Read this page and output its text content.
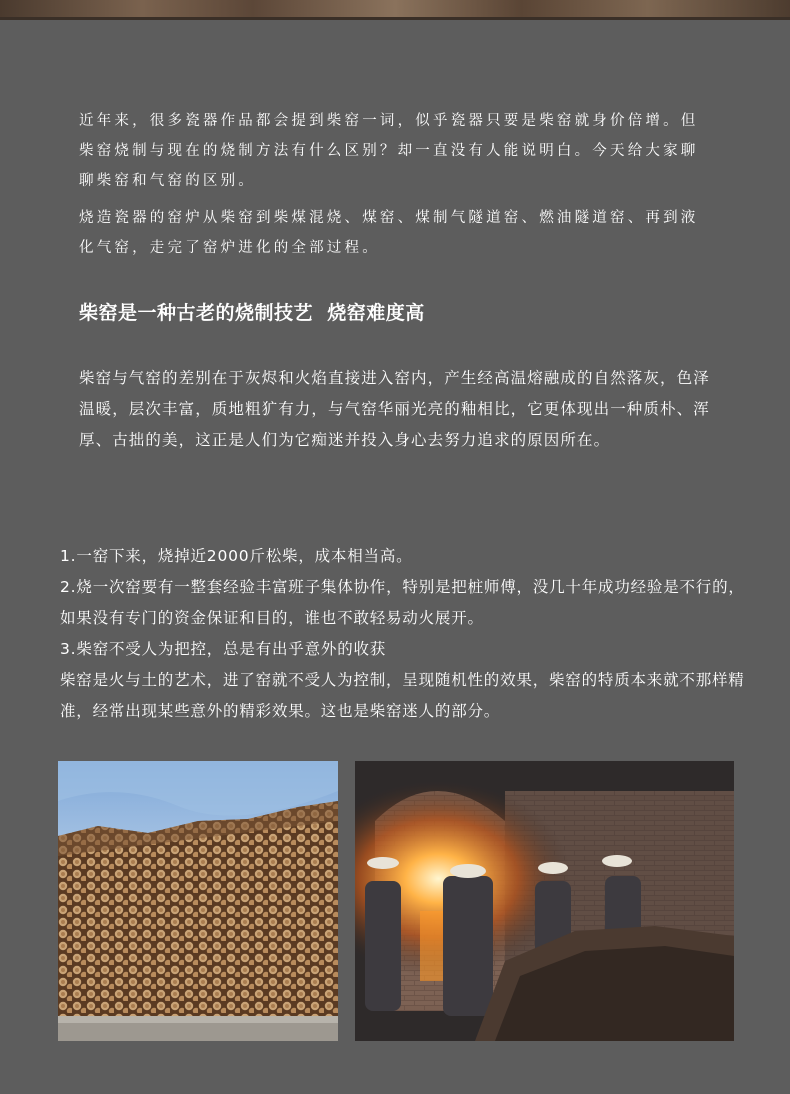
近年来，很多瓷器作品都会提到柴窑一词，似乎瓷器只要是柴窑就身价倍增。但柴窑烧制与现在的烧制方法有什么区别？却一直没有人能说明白。今天给大家聊聊柴窑和气窑的区别。

烧造瓷器的窑炉从柴窑到柴煤混烧、煤窑、煤制气隧道窑、燃油隧道窑、再到液化气窑，走完了窑炉进化的全部过程。

柴窑是一种古老的烧制技艺  烧窑难度高

柴窑与气窑的差别在于灰烬和火焰直接进入窑内，产生经高温熔融成的自然落灰，色泽温暖，层次丰富，质地粗犷有力，与气窑华丽光亮的釉相比，它更体现出一种质朴、浑厚、古拙的美，这正是人们为它痴迷并投入身心去努力追求的原因所在。

1.一窑下来，烧掉近2000斤松柴，成本相当高。
2.烧一次窑要有一整套经验丰富班子集体协作，特别是把桩师傅，没几十年成功经验是不行的，如果没有专门的资金保证和目的，谁也不敢轻易动火展开。
3.柴窑不受人为把控，总是有出乎意外的收获
柴窑是火与土的艺术，进了窑就不受人为控制，呈现随机性的效果，柴窑的特质本来就不那样精准，经常出现某些意外的精彩效果。这也是柴窑迷人的部分。
